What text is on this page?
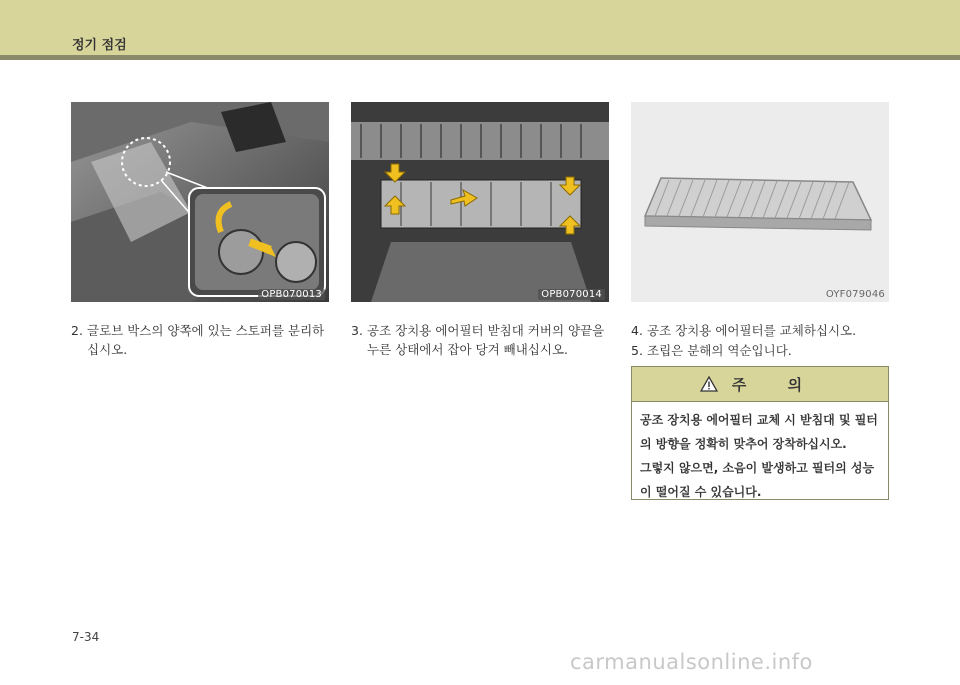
정기 점검
OPB070013	OPB070014	OYF079046
2. 글로브 박스의 양쪽에 있는 스토퍼를 분리하십시오.
3. 공조 장치용 에어필터 받침대 커버의 양끝을 누른 상태에서 잡아 당겨 빼내십시오.
4. 공조 장치용 에어필터를 교체하십시오.
5. 조립은 분해의 역순입니다.
주 의
공조 장치용 에어필터 교체 시 받침대 및 필터의 방향을 정확히 맞추어 장착하십시오.
그렇지 않으면, 소음이 발생하고 필터의 성능이 떨어질 수 있습니다.
7-34
carmanualsonline.info
